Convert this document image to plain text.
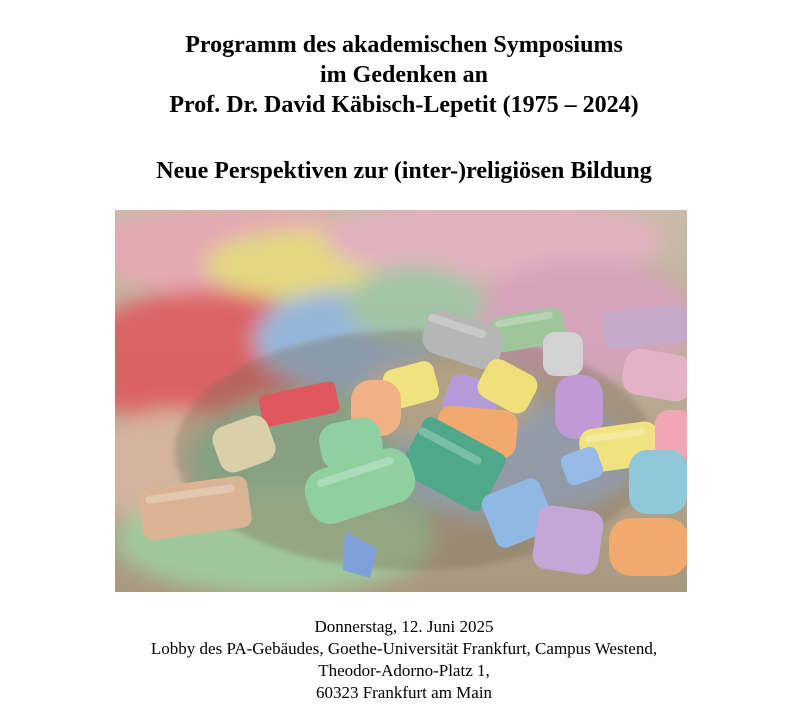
Programm des akademischen Symposiums
im Gedenken an
Prof. Dr. David Käbisch-Lepetit (1975 – 2024)
Neue Perspektiven zur (inter-)religiösen Bildung
Donnerstag, 12. Juni 2025
Lobby des PA-Gebäudes, Goethe-Universität Frankfurt, Campus Westend,
Theodor-Adorno-Platz 1,
60323 Frankfurt am Main
